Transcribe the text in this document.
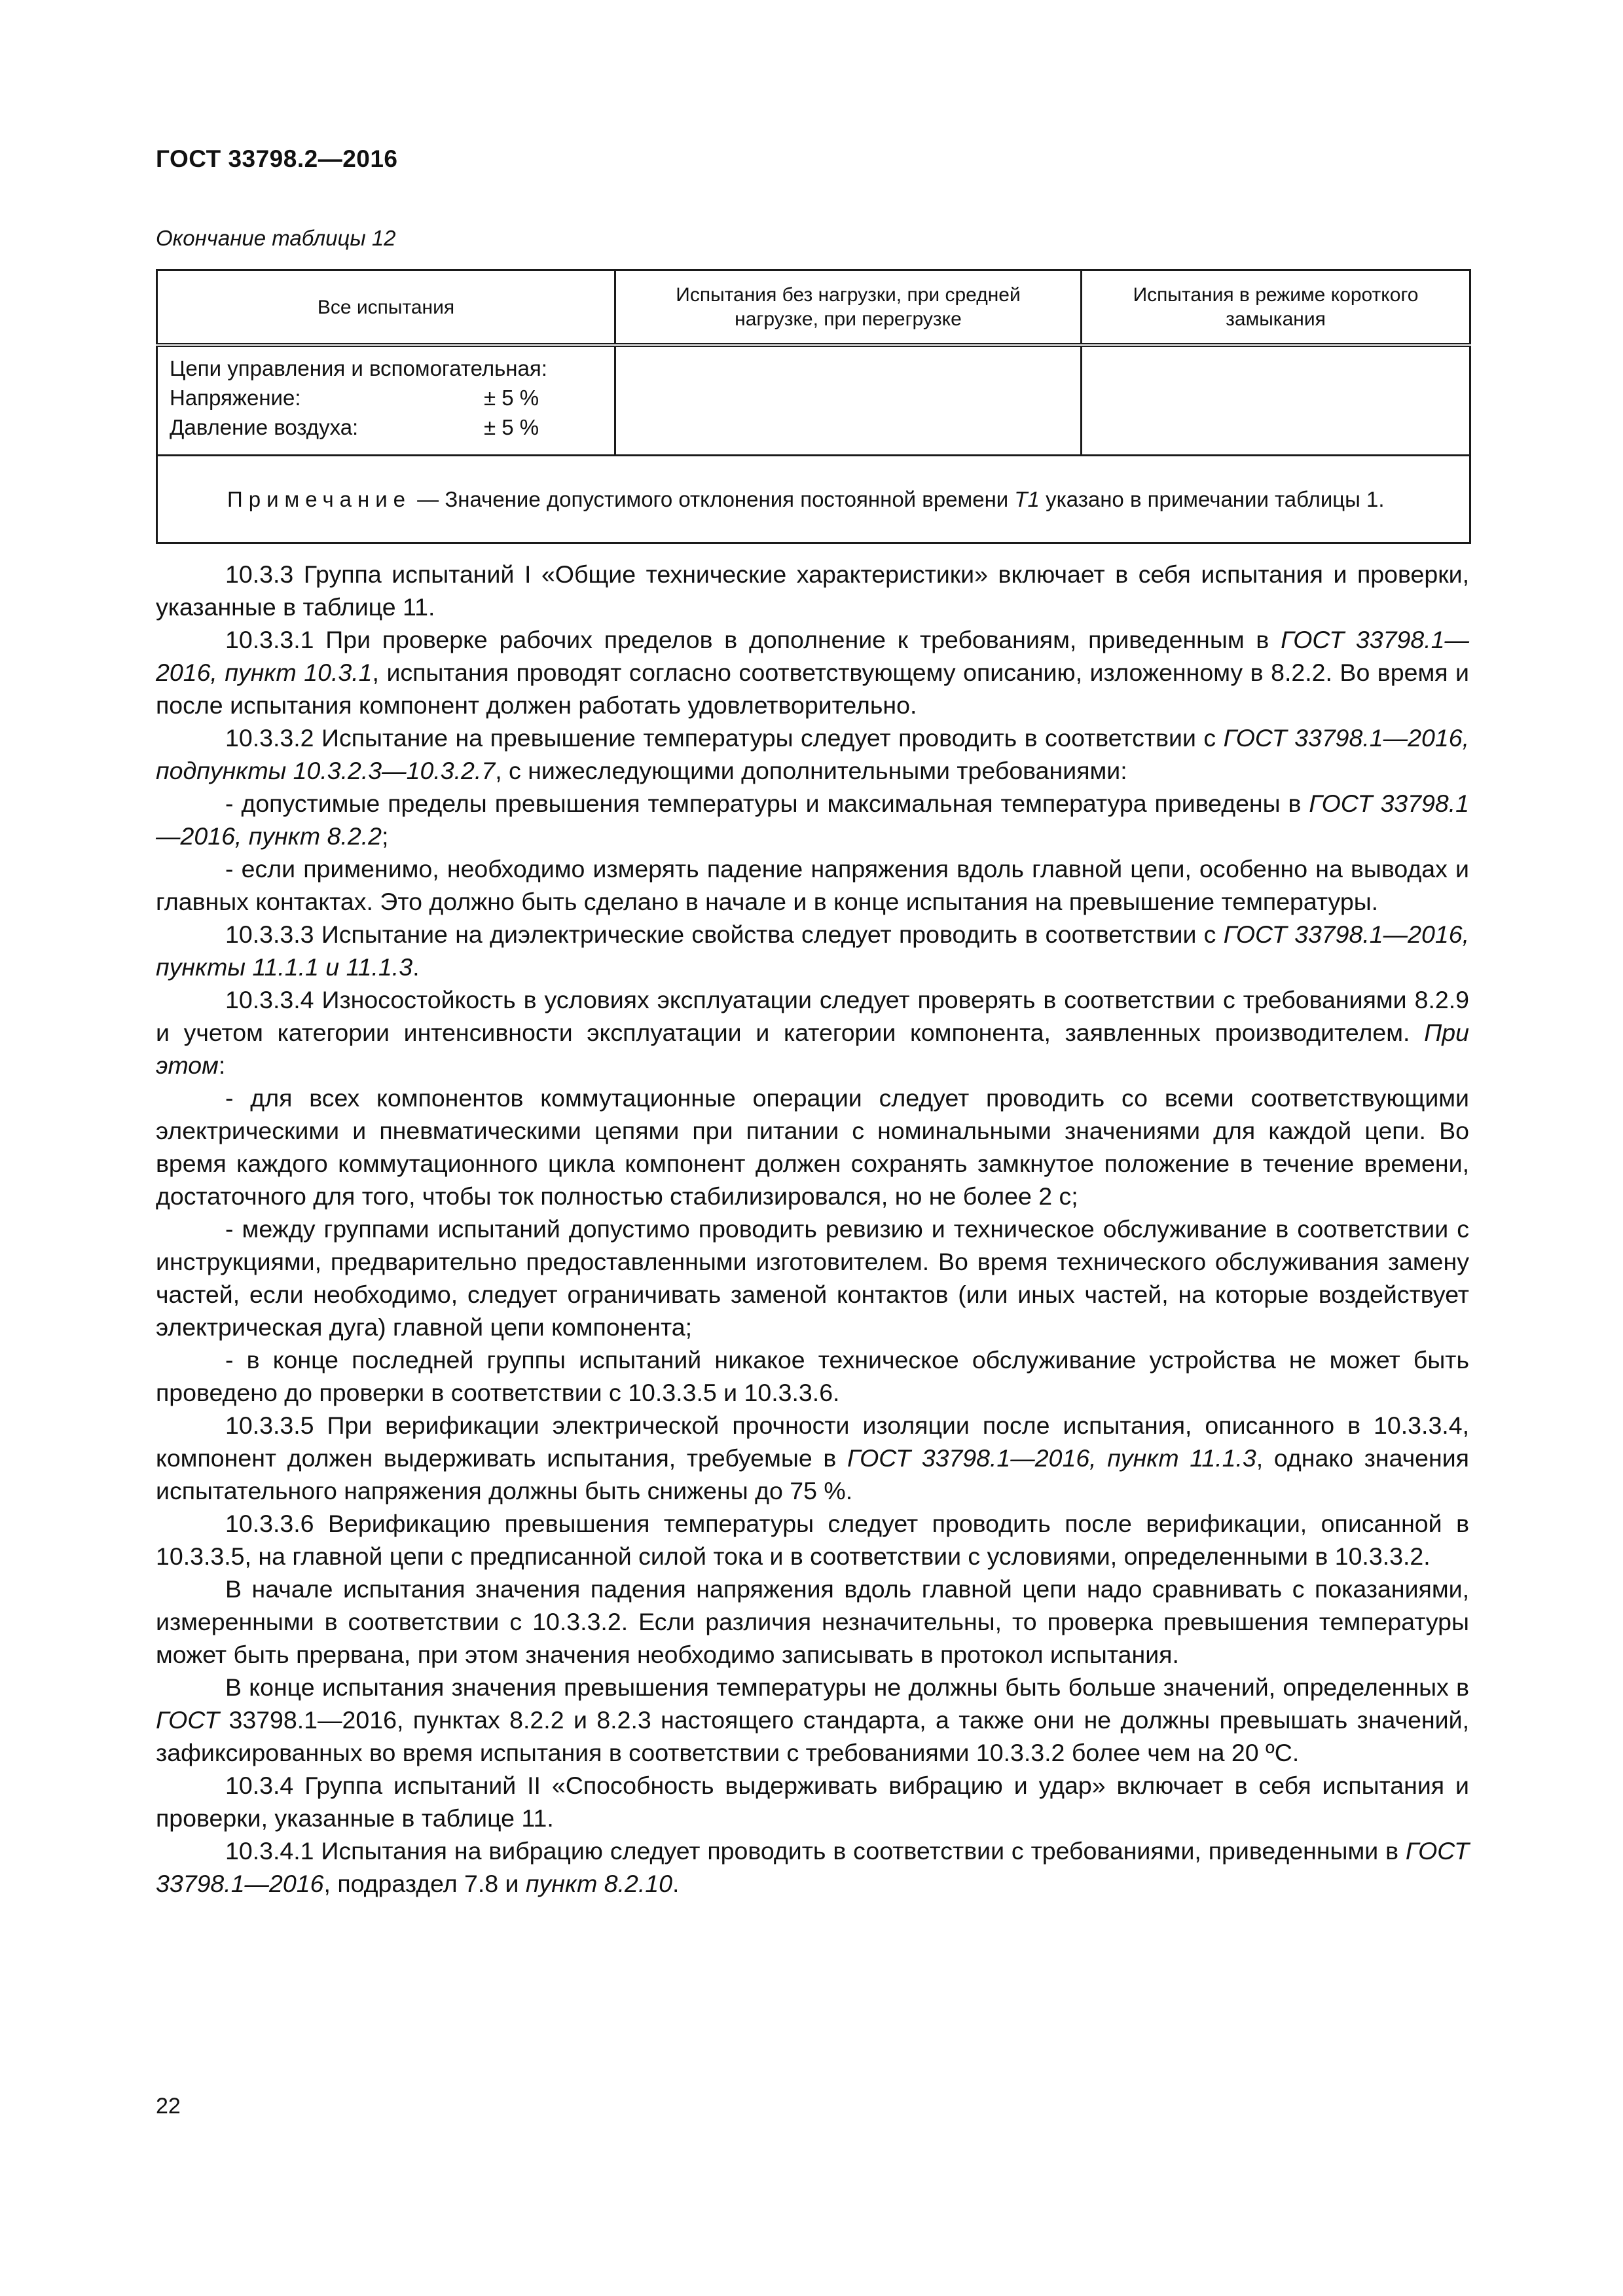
ГОСТ 33798.2—2016
Окончание таблицы 12
Все испытания	Испытания без нагрузки, при средней нагрузке, при перегрузке	Испытания в режиме короткого замыкания

Цепи управления и вспомогательная:
Напряжение: ± 5 %
Давление воздуха: ± 5 %		

Примечание — Значение допустимого отклонения постоянной времени Т1 указано в примечании таблицы 1.		

10.3.3 Группа испытаний I «Общие технические характеристики» включает в себя испытания и проверки, указанные в таблице 11.

10.3.3.1 При проверке рабочих пределов в дополнение к требованиям, приведенным в ГОСТ 33798.1—2016, пункт 10.3.1, испытания проводят согласно соответствующему описанию, изложенному в 8.2.2. Во время и после испытания компонент должен работать удовлетворительно.

10.3.3.2 Испытание на превышение температуры следует проводить в соответствии с ГОСТ 33798.1—2016, подпункты 10.3.2.3—10.3.2.7, с нижеследующими дополнительными требованиями:

- допустимые пределы превышения температуры и максимальная температура приведены в ГОСТ 33798.1—2016, пункт 8.2.2;

- если применимо, необходимо измерять падение напряжения вдоль главной цепи, особенно на выводах и главных контактах. Это должно быть сделано в начале и в конце испытания на превышение температуры.

10.3.3.3 Испытание на диэлектрические свойства следует проводить в соответствии с ГОСТ 33798.1—2016, пункты 11.1.1 и 11.1.3.

10.3.3.4 Износостойкость в условиях эксплуатации следует проверять в соответствии с требованиями 8.2.9 и учетом категории интенсивности эксплуатации и категории компонента, заявленных производителем. При этом:

- для всех компонентов коммутационные операции следует проводить со всеми соответствующими электрическими и пневматическими цепями при питании с номинальными значениями для каждой цепи. Во время каждого коммутационного цикла компонент должен сохранять замкнутое положение в течение времени, достаточного для того, чтобы ток полностью стабилизировался, но не более 2 с;

- между группами испытаний допустимо проводить ревизию и техническое обслуживание в соответствии с инструкциями, предварительно предоставленными изготовителем. Во время технического обслуживания замену частей, если необходимо, следует ограничивать заменой контактов (или иных частей, на которые воздействует электрическая дуга) главной цепи компонента;

- в конце последней группы испытаний никакое техническое обслуживание устройства не может быть проведено до проверки в соответствии с 10.3.3.5 и 10.3.3.6.

10.3.3.5 При верификации электрической прочности изоляции после испытания, описанного в 10.3.3.4, компонент должен выдерживать испытания, требуемые в ГОСТ 33798.1—2016, пункт 11.1.3, однако значения испытательного напряжения должны быть снижены до 75 %.

10.3.3.6 Верификацию превышения температуры следует проводить после верификации, описанной в 10.3.3.5, на главной цепи с предписанной силой тока и в соответствии с условиями, определенными в 10.3.3.2.

В начале испытания значения падения напряжения вдоль главной цепи надо сравнивать с показаниями, измеренными в соответствии с 10.3.3.2. Если различия незначительны, то проверка превышения температуры может быть прервана, при этом значения необходимо записывать в протокол испытания.

В конце испытания значения превышения температуры не должны быть больше значений, определенных в ГОСТ 33798.1—2016, пунктах 8.2.2 и 8.2.3 настоящего стандарта, а также они не должны превышать значений, зафиксированных во время испытания в соответствии с требованиями 10.3.3.2 более чем на 20 ºС.

10.3.4 Группа испытаний II «Способность выдерживать вибрацию и удар» включает в себя испытания и проверки, указанные в таблице 11.

10.3.4.1 Испытания на вибрацию следует проводить в соответствии с требованиями, приведенными в ГОСТ 33798.1—2016, подраздел 7.8 и пункт 8.2.10.

22
